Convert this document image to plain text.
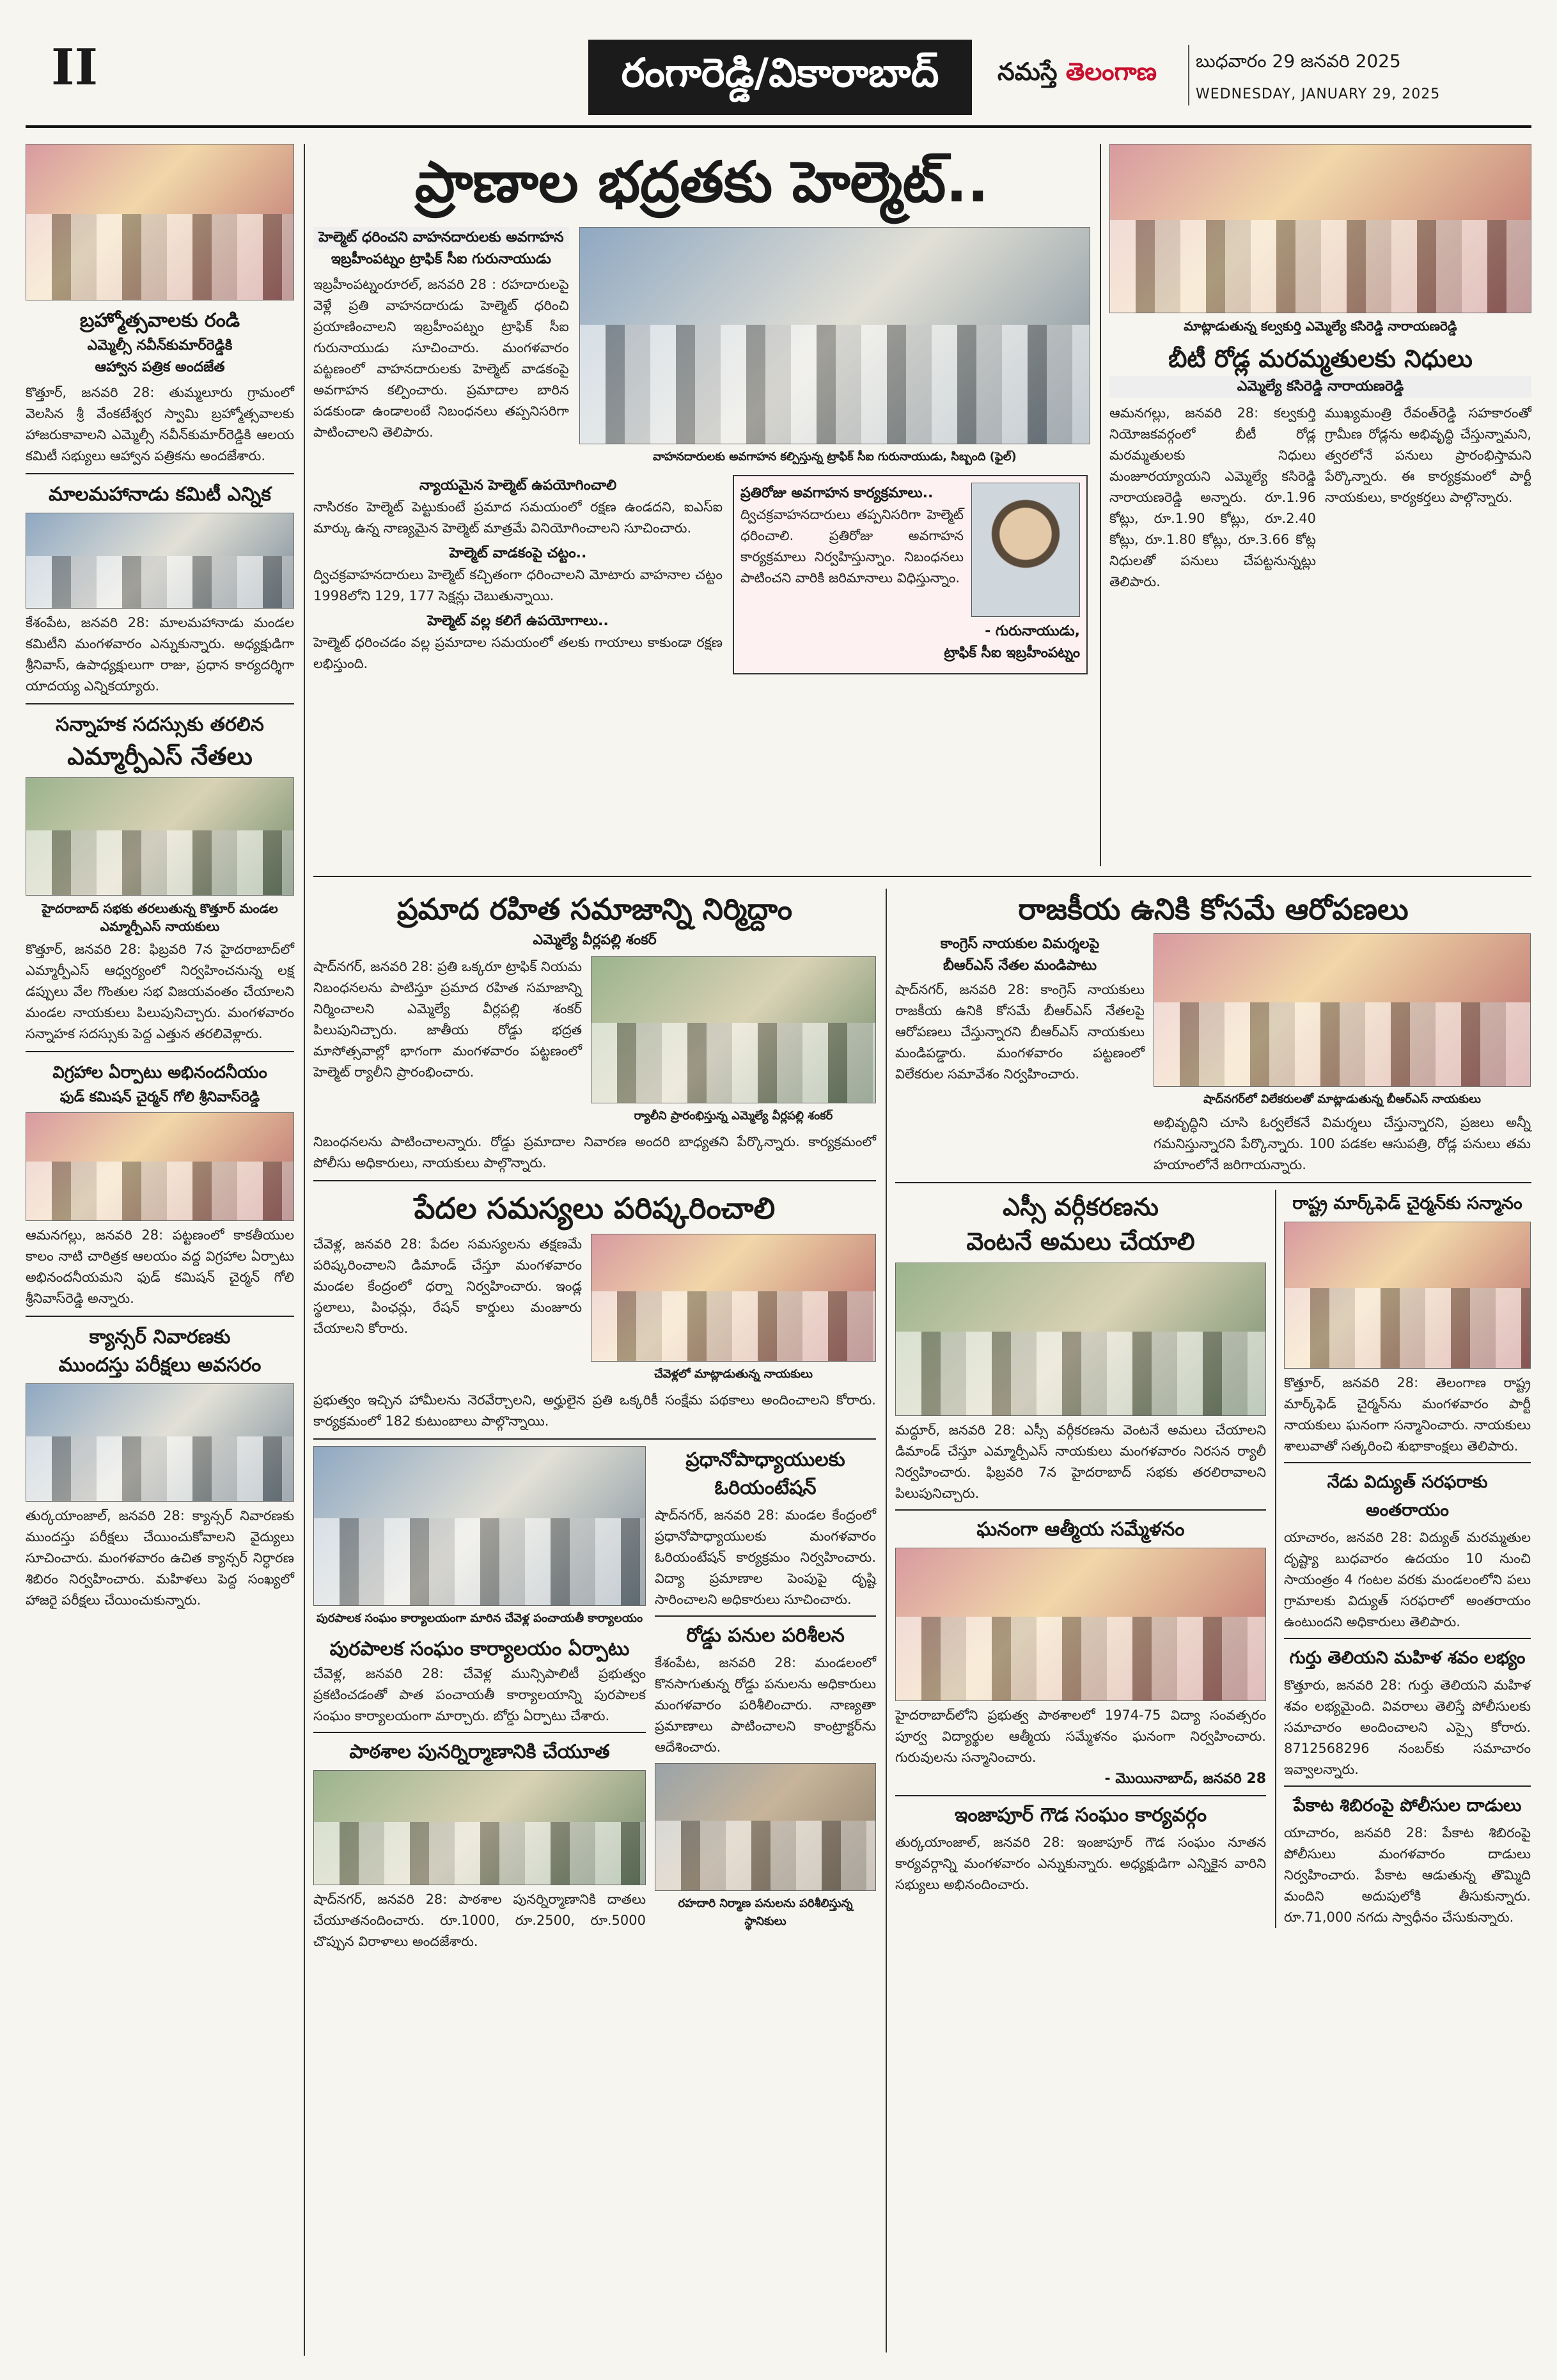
II	రంగారెడ్డి/వికారాబాద్	నమస్తే తెలంగాణ బుధవారం 29 జనవరి 2025
WEDNESDAY, JANUARY 29, 2025
బ్రహ్మోత్సవాలకు రండి
ఎమ్మెల్సీ నవీన్‌కుమార్‌రెడ్డికి
ఆహ్వాన పత్రిక అందజేత
కొత్తూర్, జనవరి 28: తుమ్మలూరు గ్రామంలో వెలసిన శ్రీ వేంకటేశ్వర స్వామి బ్రహ్మోత్సవాలకు హాజరుకావాలని ఎమ్మెల్సీ నవీన్‌కుమార్‌రెడ్డికి ఆలయ కమిటీ సభ్యులు ఆహ్వాన పత్రికను అందజేశారు.
మాలమహానాడు కమిటీ ఎన్నిక
కేశంపేట, జనవరి 28: మాలమహానాడు మండల కమిటీని మంగళవారం ఎన్నుకున్నారు. అధ్యక్షుడిగా శ్రీనివాస్, ఉపాధ్యక్షులుగా రాజు, ప్రధాన కార్యదర్శిగా యాదయ్య ఎన్నికయ్యారు.
సన్నాహక సదస్సుకు తరలిన
ఎమ్మార్పీఎస్ నేతలు
హైదరాబాద్ సభకు తరలుతున్న కొత్తూర్ మండల ఎమ్మార్పీఎస్ నాయకులు
కొత్తూర్, జనవరి 28: ఫిబ్రవరి 7న హైదరాబాద్‌లో ఎమ్మార్పీఎస్ ఆధ్వర్యంలో నిర్వహించనున్న లక్ష డప్పులు వేల గొంతుల సభ విజయవంతం చేయాలని మండల నాయకులు పిలుపునిచ్చారు. మంగళవారం సన్నాహక సదస్సుకు పెద్ద ఎత్తున తరలివెళ్లారు.
విగ్రహాల ఏర్పాటు అభినందనీయం
ఫుడ్ కమిషన్ చైర్మన్ గోలి శ్రీనివాస్‌రెడ్డి
ఆమనగల్లు, జనవరి 28: పట్టణంలో కాకతీయుల కాలం నాటి చారిత్రక ఆలయం వద్ద విగ్రహాల ఏర్పాటు అభినందనీయమని ఫుడ్ కమిషన్ చైర్మన్ గోలి శ్రీనివాస్‌రెడ్డి అన్నారు.
క్యాన్సర్ నివారణకు
ముందస్తు పరీక్షలు అవసరం
తుర్కయాంజాల్, జనవరి 28: క్యాన్సర్ నివారణకు ముందస్తు పరీక్షలు చేయించుకోవాలని వైద్యులు సూచించారు. మంగళవారం ఉచిత క్యాన్సర్ నిర్ధారణ శిబిరం నిర్వహించారు. మహిళలు పెద్ద సంఖ్యలో హాజరై పరీక్షలు చేయించుకున్నారు.
ప్రాణాల భద్రతకు హెల్మెట్..
హెల్మెట్ ధరించని వాహనదారులకు అవగాహన
ఇబ్రహీంపట్నం ట్రాఫిక్ సీఐ గురునాయుడు
ఇబ్రహీంపట్నంరూరల్, జనవరి 28 : రహదారులపై వెళ్లే ప్రతి వాహనదారుడు హెల్మెట్ ధరించి ప్రయాణించాలని ఇబ్రహీంపట్నం ట్రాఫిక్ సీఐ గురునాయుడు సూచించారు. మంగళవారం పట్టణంలో వాహనదారులకు హెల్మెట్ వాడకంపై అవగాహన కల్పించారు. ప్రమాదాల బారిన పడకుండా ఉండాలంటే నిబంధనలు తప్పనిసరిగా పాటించాలని తెలిపారు.
వాహనదారులకు అవగాహన కల్పిస్తున్న ట్రాఫిక్ సీఐ గురునాయుడు, సిబ్బంది (ఫైల్)
న్యాయమైన హెల్మెట్ ఉపయోగించాలి
నాసిరకం హెల్మెట్ పెట్టుకుంటే ప్రమాద సమయంలో రక్షణ ఉండదని, ఐఎస్ఐ మార్కు ఉన్న నాణ్యమైన హెల్మెట్ మాత్రమే వినియోగించాలని సూచించారు.
హెల్మెట్ వాడకంపై చట్టం..
ద్విచక్రవాహనదారులు హెల్మెట్ కచ్చితంగా ధరించాలని మోటారు వాహనాల చట్టం 1998లోని 129, 177 సెక్షన్లు చెబుతున్నాయి.
హెల్మెట్ వల్ల కలిగే ఉపయోగాలు..
హెల్మెట్ ధరించడం వల్ల ప్రమాదాల సమయంలో తలకు గాయాలు కాకుండా రక్షణ లభిస్తుంది.
ప్రతిరోజు అవగాహన కార్యక్రమాలు..
ద్విచక్రవాహనదారులు తప్పనిసరిగా హెల్మెట్ ధరించాలి. ప్రతిరోజు అవగాహన కార్యక్రమాలు నిర్వహిస్తున్నాం. నిబంధనలు పాటించని వారికి జరిమానాలు విధిస్తున్నాం.
- గురునాయుడు,
ట్రాఫిక్ సీఐ ఇబ్రహీంపట్నం
మాట్లాడుతున్న కల్వకుర్తి ఎమ్మెల్యే కసిరెడ్డి నారాయణరెడ్డి
బీటీ రోడ్ల మరమ్మతులకు నిధులు
ఎమ్మెల్యే కసిరెడ్డి నారాయణరెడ్డి
ఆమనగల్లు, జనవరి 28: కల్వకుర్తి నియోజకవర్గంలో బీటీ రోడ్ల మరమ్మతులకు నిధులు మంజూరయ్యాయని ఎమ్మెల్యే కసిరెడ్డి నారాయణరెడ్డి అన్నారు. రూ.1.96 కోట్లు, రూ.1.90 కోట్లు, రూ.2.40 కోట్లు, రూ.1.80 కోట్లు, రూ.3.66 కోట్ల నిధులతో పనులు చేపట్టనున్నట్లు తెలిపారు.
ముఖ్యమంత్రి రేవంత్‌రెడ్డి సహకారంతో గ్రామీణ రోడ్లను అభివృద్ధి చేస్తున్నామని, త్వరలోనే పనులు ప్రారంభిస్తామని పేర్కొన్నారు. ఈ కార్యక్రమంలో పార్టీ నాయకులు, కార్యకర్తలు పాల్గొన్నారు.
ప్రమాద రహిత సమాజాన్ని నిర్మిద్దాం
ఎమ్మెల్యే వీర్లపల్లి శంకర్
షాద్‌నగర్, జనవరి 28: ప్రతి ఒక్కరూ ట్రాఫిక్ నియమ నిబంధనలను పాటిస్తూ ప్రమాద రహిత సమాజాన్ని నిర్మించాలని ఎమ్మెల్యే వీర్లపల్లి శంకర్ పిలుపునిచ్చారు. జాతీయ రోడ్డు భద్రత మాసోత్సవాల్లో భాగంగా మంగళవారం పట్టణంలో హెల్మెట్ ర్యాలీని ప్రారంభించారు.
ర్యాలీని ప్రారంభిస్తున్న ఎమ్మెల్యే వీర్లపల్లి శంకర్
నిబంధనలను పాటించాలన్నారు. రోడ్డు ప్రమాదాల నివారణ అందరి బాధ్యతని పేర్కొన్నారు. కార్యక్రమంలో పోలీసు అధికారులు, నాయకులు పాల్గొన్నారు.
పేదల సమస్యలు పరిష్కరించాలి
చేవెళ్ల, జనవరి 28: పేదల సమస్యలను తక్షణమే పరిష్కరించాలని డిమాండ్ చేస్తూ మంగళవారం మండల కేంద్రంలో ధర్నా నిర్వహించారు. ఇండ్ల స్థలాలు, పింఛన్లు, రేషన్ కార్డులు మంజూరు చేయాలని కోరారు.
చేవెళ్లలో మాట్లాడుతున్న నాయకులు
ప్రభుత్వం ఇచ్చిన హామీలను నెరవేర్చాలని, అర్హులైన ప్రతి ఒక్కరికీ సంక్షేమ పథకాలు అందించాలని కోరారు. కార్యక్రమంలో 182 కుటుంబాలు పాల్గొన్నాయి.
పురపాలక సంఘం కార్యాలయంగా మారిన చేవెళ్ల పంచాయతీ కార్యాలయం
పురపాలక సంఘం కార్యాలయం ఏర్పాటు
చేవెళ్ల, జనవరి 28: చేవెళ్ల మున్సిపాలిటీ ప్రభుత్వం ప్రకటించడంతో పాత పంచాయతీ కార్యాలయాన్ని పురపాలక సంఘం కార్యాలయంగా మార్చారు. బోర్డు ఏర్పాటు చేశారు.
పాఠశాల పునర్నిర్మాణానికి చేయూత
షాద్‌నగర్, జనవరి 28: పాఠశాల పునర్నిర్మాణానికి దాతలు చేయూతనందించారు. రూ.1000, రూ.2500, రూ.5000 చొప్పున విరాళాలు అందజేశారు.
ప్రధానోపాధ్యాయులకు ఓరియంటేషన్
షాద్‌నగర్, జనవరి 28: మండల కేంద్రంలో ప్రధానోపాధ్యాయులకు మంగళవారం ఓరియంటేషన్ కార్యక్రమం నిర్వహించారు. విద్యా ప్రమాణాల పెంపుపై దృష్టి సారించాలని అధికారులు సూచించారు.
రోడ్డు పనుల పరిశీలన
కేశంపేట, జనవరి 28: మండలంలో కొనసాగుతున్న రోడ్డు పనులను అధికారులు మంగళవారం పరిశీలించారు. నాణ్యతా ప్రమాణాలు పాటించాలని కాంట్రాక్టర్‌ను ఆదేశించారు.
రహదారి నిర్మాణ పనులను పరిశీలిస్తున్న స్థానికులు
రాజకీయ ఉనికి కోసమే ఆరోపణలు
కాంగ్రెస్ నాయకుల విమర్శలపై
బీఆర్ఎస్ నేతల మండిపాటు
షాద్‌నగర్, జనవరి 28: కాంగ్రెస్ నాయకులు రాజకీయ ఉనికి కోసమే బీఆర్ఎస్ నేతలపై ఆరోపణలు చేస్తున్నారని బీఆర్ఎస్ నాయకులు మండిపడ్డారు. మంగళవారం పట్టణంలో విలేకరుల సమావేశం నిర్వహించారు.
షాద్‌నగర్‌లో విలేకరులతో మాట్లాడుతున్న బీఆర్ఎస్ నాయకులు
అభివృద్ధిని చూసి ఓర్వలేకనే విమర్శలు చేస్తున్నారని, ప్రజలు అన్నీ గమనిస్తున్నారని పేర్కొన్నారు. 100 పడకల ఆసుపత్రి, రోడ్ల పనులు తమ హయాంలోనే జరిగాయన్నారు.
ఎస్సీ వర్గీకరణను
వెంటనే అమలు చేయాలి
మద్దూర్, జనవరి 28: ఎస్సీ వర్గీకరణను వెంటనే అమలు చేయాలని డిమాండ్ చేస్తూ ఎమ్మార్పీఎస్ నాయకులు మంగళవారం నిరసన ర్యాలీ నిర్వహించారు. ఫిబ్రవరి 7న హైదరాబాద్ సభకు తరలిరావాలని పిలుపునిచ్చారు.
ఘనంగా ఆత్మీయ సమ్మేళనం
హైదరాబాద్‌లోని ప్రభుత్వ పాఠశాలలో 1974-75 విద్యా సంవత్సరం పూర్వ విద్యార్థుల ఆత్మీయ సమ్మేళనం ఘనంగా నిర్వహించారు. గురువులను సన్మానించారు.
- మొయినాబాద్, జనవరి 28
ఇంజాపూర్ గౌడ సంఘం కార్యవర్గం
తుర్కయాంజాల్, జనవరి 28: ఇంజాపూర్ గౌడ సంఘం నూతన కార్యవర్గాన్ని మంగళవారం ఎన్నుకున్నారు. అధ్యక్షుడిగా ఎన్నికైన వారిని సభ్యులు అభినందించారు.
రాష్ట్ర మార్క్‌ఫెడ్ చైర్మన్‌కు సన్మానం
కొత్తూర్, జనవరి 28: తెలంగాణ రాష్ట్ర మార్క్‌ఫెడ్ చైర్మన్‌ను మంగళవారం పార్టీ నాయకులు ఘనంగా సన్మానించారు. నాయకులు శాలువాతో సత్కరించి శుభాకాంక్షలు తెలిపారు.
నేడు విద్యుత్ సరఫరాకు అంతరాయం
యాచారం, జనవరి 28: విద్యుత్ మరమ్మతుల దృష్ట్యా బుధవారం ఉదయం 10 నుంచి సాయంత్రం 4 గంటల వరకు మండలంలోని పలు గ్రామాలకు విద్యుత్ సరఫరాలో అంతరాయం ఉంటుందని అధికారులు తెలిపారు.
గుర్తు తెలియని మహిళ శవం లభ్యం
కొత్తూరు, జనవరి 28: గుర్తు తెలియని మహిళ శవం లభ్యమైంది. వివరాలు తెలిస్తే పోలీసులకు సమాచారం అందించాలని ఎస్సై కోరారు. 8712568296 నంబర్‌కు సమాచారం ఇవ్వాలన్నారు.
పేకాట శిబిరంపై పోలీసుల దాడులు
యాచారం, జనవరి 28: పేకాట శిబిరంపై పోలీసులు మంగళవారం దాడులు నిర్వహించారు. పేకాట ఆడుతున్న తొమ్మిది మందిని అదుపులోకి తీసుకున్నారు. రూ.71,000 నగదు స్వాధీనం చేసుకున్నారు.
